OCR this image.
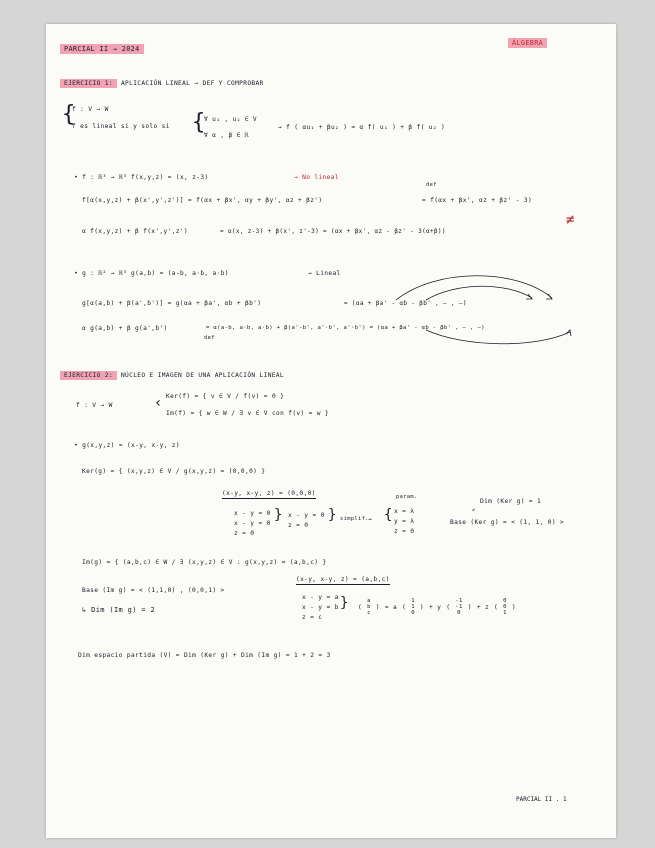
PARCIAL II → 2024
ÁLGEBRA
EJERCICIO 1: APLICACIÓN LINEAL → DEF Y COMPROBAR
{
f : V → W
f es lineal si y solo si {
∀ u₁ , u₂ ∈ V
∀ α , β ∈ ℝ
→ f ( αu₁ + βu₂ ) = α f( u₁ ) + β f( u₂ )
• f : ℝ³ → ℝ³ f(x,y,z) = (x, z-3)	→ No lineal
f[α(x,y,z) + β(x',y',z')] = f(αx + βx', αy + βy', αz + βz')
def
= f(αx + βx', αz + βz' - 3)
α f(x,y,z) + β f(x',y',z')	= α(x, z-3) + β(x', z'-3) = (αx + βx', αz - βz' - 3(α+β))
≠
• g : ℝ² → ℝ³ g(a,b) = (a-b, a·b, a·b)	→ Lineal
g[α(a,b) + β(a',b')] = g(αa + βa', αb + βb')	= (αa + βa' - αb - βb' , — , —)
α g(a,b) + β g(a',b')	= α(a-b, a·b, a·b) + β(a'-b', a'·b', a'·b') = (αa + βa' - αb - βb' , — , —)
def
EJERCICIO 2: NÚCLEO E IMAGEN DE UNA APLICACIÓN LINEAL
f : V → W	‹ Ker(f) = { v ∈ V / f(v) = 0 }
Im(f) = { w ∈ W / ∃ v ∈ V con f(v) = w }
• g(x,y,z) = (x-y, x-y, z)
Ker(g) = { (x,y,z) ∈ V / g(x,y,z) = (0,0,0) }
(x-y, x-y, z) = (0,0,0)
x - y = 0
x - y = 0
z = 0
} x - y = 0
z = 0
} simplif. →
param.
{ x = λ
y = λ
z = 0
Dim (Ker g) = 1
↙
Base (Ker g) = < (1, 1, 0) >
Im(g) = { (a,b,c) ∈ W / ∃ (x,y,z) ∈ V : g(x,y,z) = (a,b,c) }
(x-y, x-y, z) = (a,b,c)
Base (Im g) = < (1,1,0) , (0,0,1) >
↳ Dim (Im g) = 2
x - y = a
x - y = b
z = c
} (
a
b
c
) = a (
1
1
0
) + y (
-1
-1
0
) + z (
0
0
1
)
Dim espacio partida (V) = Dim (Ker g) + Dim (Im g) = 1 + 2 = 3
PARCIAL II . 1
